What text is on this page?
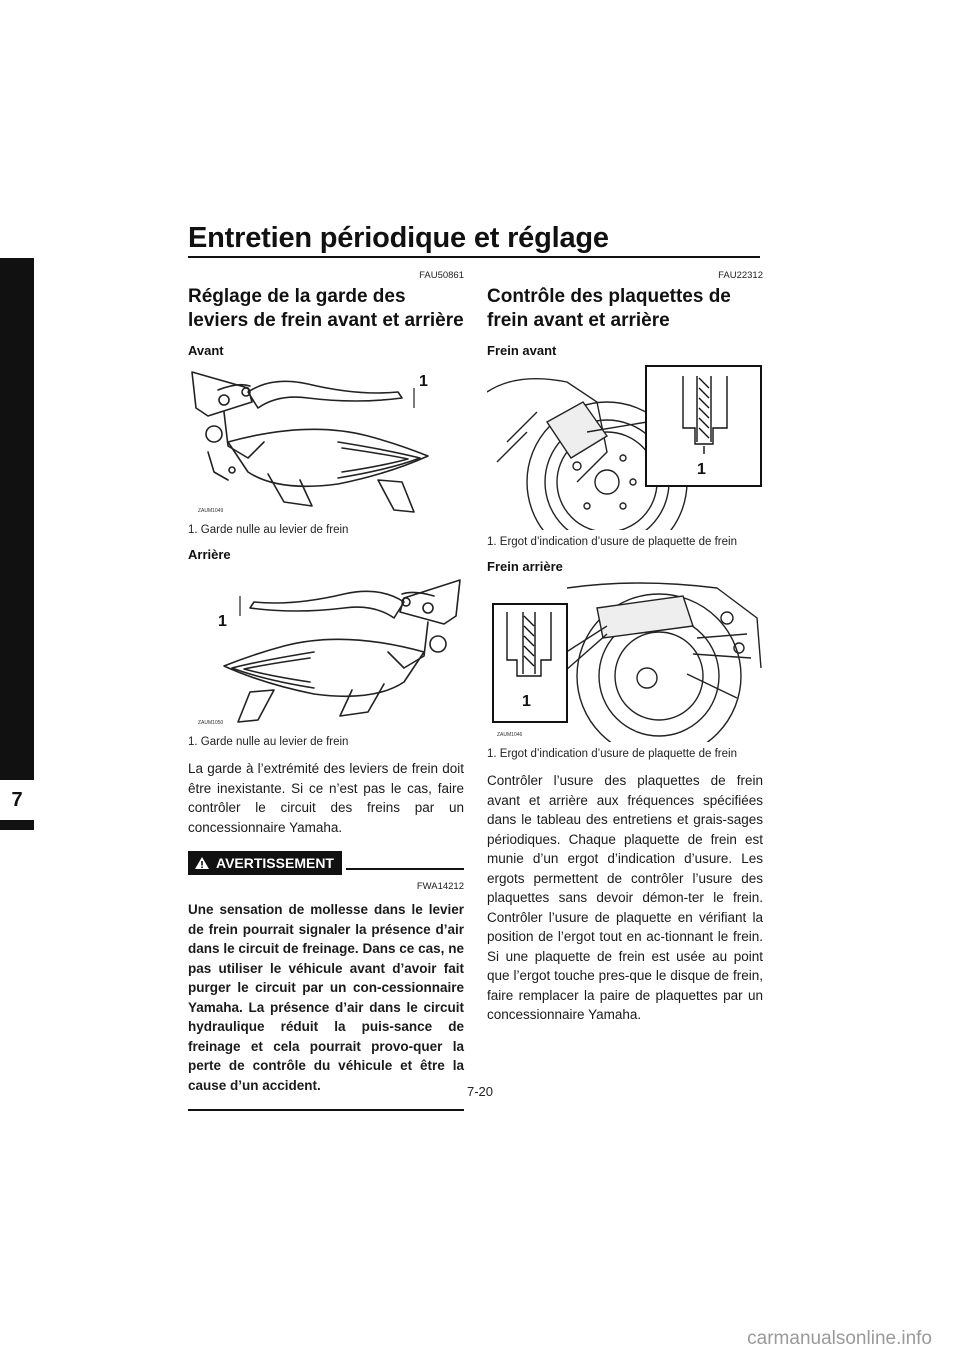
Entretien périodique et réglage
7
FAU50861
Réglage de la garde des leviers de frein avant et arrière
Avant
1
ZAUM1049
1. Garde nulle au levier de frein
Arrière
1
ZAUM1050
1. Garde nulle au levier de frein

La garde à l’extrémité des leviers de frein doit être inexistante. Si ce n’est pas le cas, faire contrôler le circuit des freins par un concessionnaire Yamaha.

AVERTISSEMENT
FWA14212

Une sensation de mollesse dans le levier de frein pourrait signaler la présence d’air dans le circuit de freinage. Dans ce cas, ne pas utiliser le véhicule avant d’avoir fait purger le circuit par un con-cessionnaire Yamaha. La présence d’air dans le circuit hydraulique réduit la puis-sance de freinage et cela pourrait provo-quer la perte de contrôle du véhicule et être la cause d’un accident.

FAU22312
Contrôle des plaquettes de frein avant et arrière
Frein avant
1
1. Ergot d’indication d’usure de plaquette de frein
Frein arrière
1
ZAUM1046
1. Ergot d’indication d’usure de plaquette de frein

Contrôler l’usure des plaquettes de frein avant et arrière aux fréquences spécifiées dans le tableau des entretiens et grais-sages périodiques. Chaque plaquette de frein est munie d’un ergot d’indication d’usure. Les ergots permettent de contrôler l’usure des plaquettes sans devoir démon-ter le frein. Contrôler l’usure de plaquette en vérifiant la position de l’ergot tout en ac-tionnant le frein. Si une plaquette de frein est usée au point que l’ergot touche pres-que le disque de frein, faire remplacer la paire de plaquettes par un concessionnaire Yamaha.

7-20
carmanualsonline.info
